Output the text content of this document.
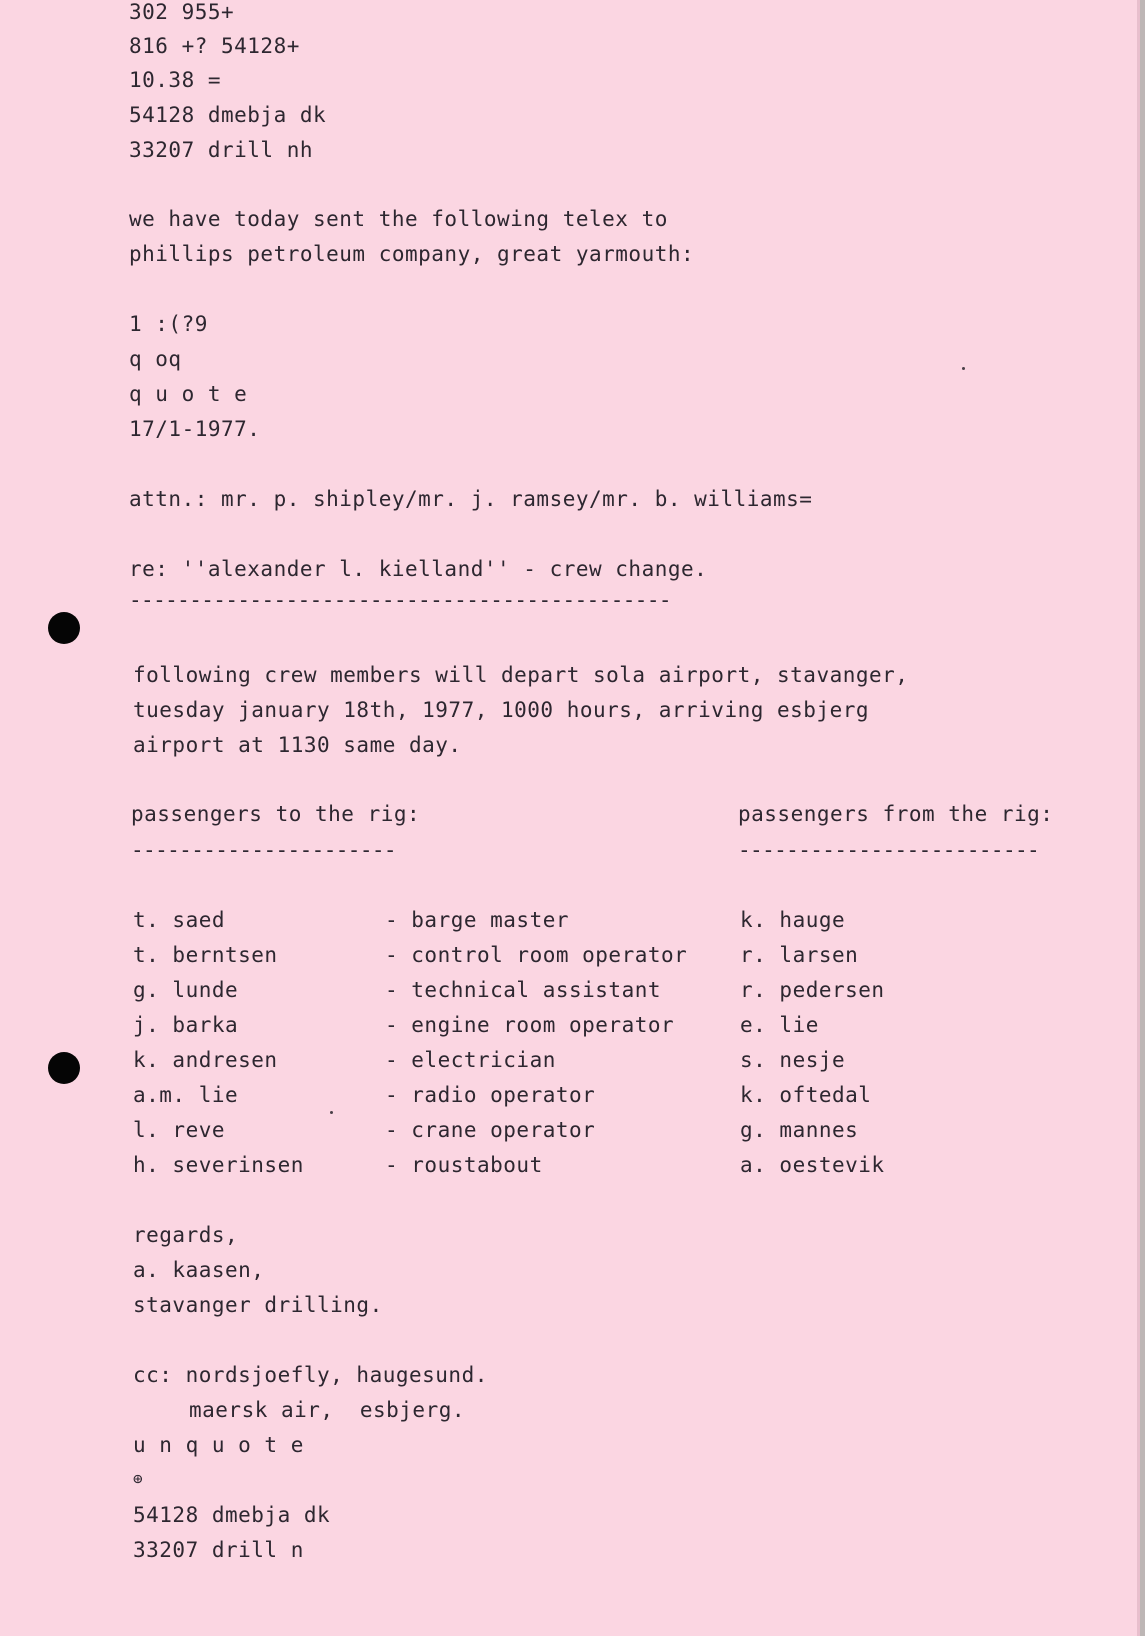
302 955+
816 +? 54128+
10.38 =
54128 dmebja dk
33207 drill nh
we have today sent the following telex to
phillips petroleum company, great yarmouth:
1 :(?9
q oq
q u o t e
17/1-1977.
attn.: mr. p. shipley/mr. j. ramsey/mr. b. williams=
re: ''alexander l. kielland'' - crew change.
---------------------------------------------
following crew members will depart sola airport, stavanger,
tuesday january 18th, 1977, 1000 hours, arriving esbjerg
airport at 1130 same day.
passengers to the rig:	passengers from the rig:
----------------------	-------------------------
t. saed	- barge master	k. hauge
t. berntsen	- control room operator	r. larsen
g. lunde	- technical assistant	r. pedersen
j. barka	- engine room operator	e. lie
k. andresen	- electrician	s. nesje
a.m. lie	- radio operator	k. oftedal
l. reve	- crane operator	g. mannes
h. severinsen	- roustabout	a. oestevik
regards,
a. kaasen,
stavanger drilling.
cc: nordsjoefly, haugesund.
maersk air,  esbjerg.
u n q u o t e
⊕
54128 dmebja dk
33207 drill n
